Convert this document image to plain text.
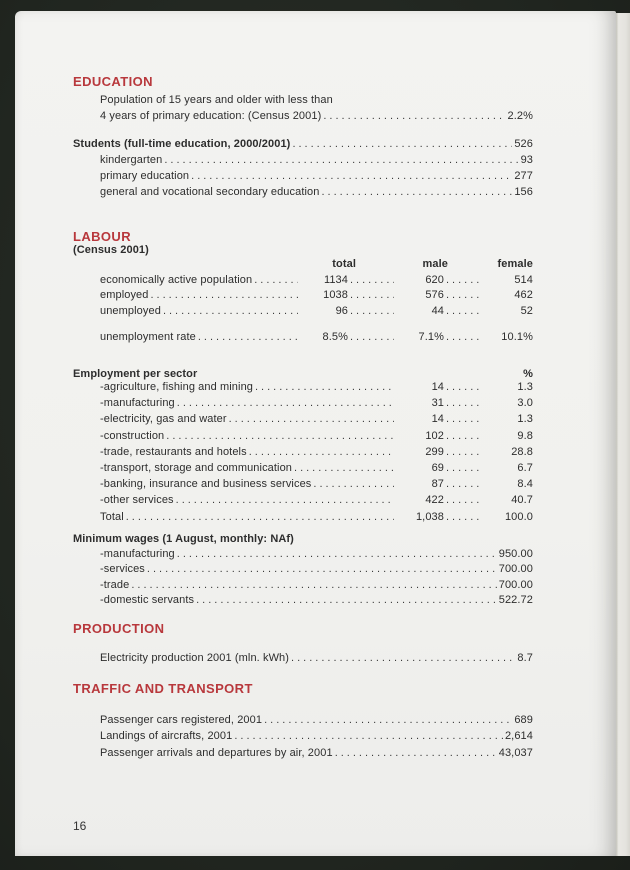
EDUCATION
Population of 15 years and older with less than
4 years of primary education: (Census 2001) .....	2.2%
Students (full-time education, 2000/2001) .....	526
kindergarten .....	93
primary education .....	277
general and vocational secondary education .....	156
LABOUR
(Census 2001)
total	male	female
economically active population .....	1134 .....	620 .....	514
employed .....	1038 .....	576 .....	462
unemployed .....	96 .....	44 .....	52
unemployment rate .....	8.5% .....	7.1% .....	10.1%
Employment per sector	%
-agriculture, fishing and mining .....	14 .....	1.3
-manufacturing .....	31 .....	3.0
-electricity, gas and water .....	14 .....	1.3
-construction .....	102 .....	9.8
-trade, restaurants and hotels .....	299 .....	28.8
-transport, storage and communication .....	69 .....	6.7
-banking, insurance and business services .....	87 .....	8.4
-other services .....	422 .....	40.7
Total .....	1,038 .....	100.0
Minimum wages (1 August, monthly: NAf)
-manufacturing .....	950.00
-services .....	700.00
-trade .....	700.00
-domestic servants .....	522.72
PRODUCTION
Electricity production 2001 (mln. kWh) .....	8.7
TRAFFIC AND TRANSPORT
Passenger cars registered, 2001 .....	689
Landings of aircrafts, 2001 .....	2,614
Passenger arrivals and departures by air, 2001 .....	43,037
16
